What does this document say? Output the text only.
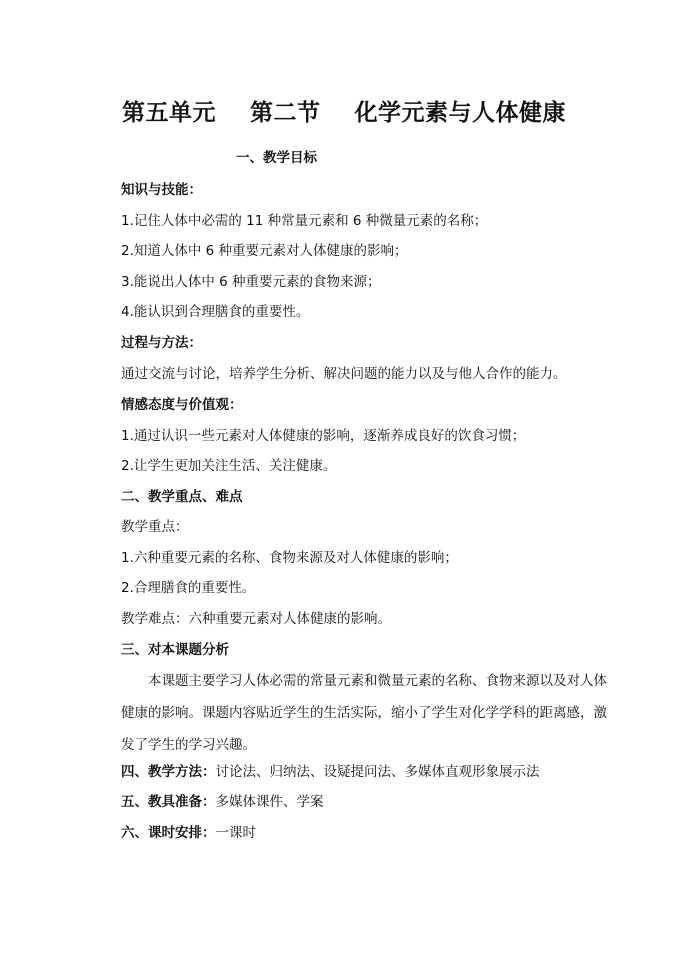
第五单元    第二节    化学元素与人体健康
一、教学目标
知识与技能：
1.记住人体中必需的 11 种常量元素和 6 种微量元素的名称；
2.知道人体中 6 种重要元素对人体健康的影响；
3.能说出人体中 6 种重要元素的食物来源；
4.能认识到合理膳食的重要性。
过程与方法：
通过交流与讨论，培养学生分析、解决问题的能力以及与他人合作的能力。
情感态度与价值观：
1.通过认识一些元素对人体健康的影响，逐渐养成良好的饮食习惯；
2.让学生更加关注生活、关注健康。
二、教学重点、难点
教学重点：
1.六种重要元素的名称、食物来源及对人体健康的影响；
2.合理膳食的重要性。
教学难点：六种重要元素对人体健康的影响。
三、对本课题分析
本课题主要学习人体必需的常量元素和微量元素的名称、食物来源以及对人体健康的影响。课题内容贴近学生的生活实际，缩小了学生对化学学科的距离感，激发了学生的学习兴趣。
四、教学方法：讨论法、归纳法、设疑提问法、多媒体直观形象展示法
五、教具准备：多媒体课件、学案
六、课时安排：一课时
